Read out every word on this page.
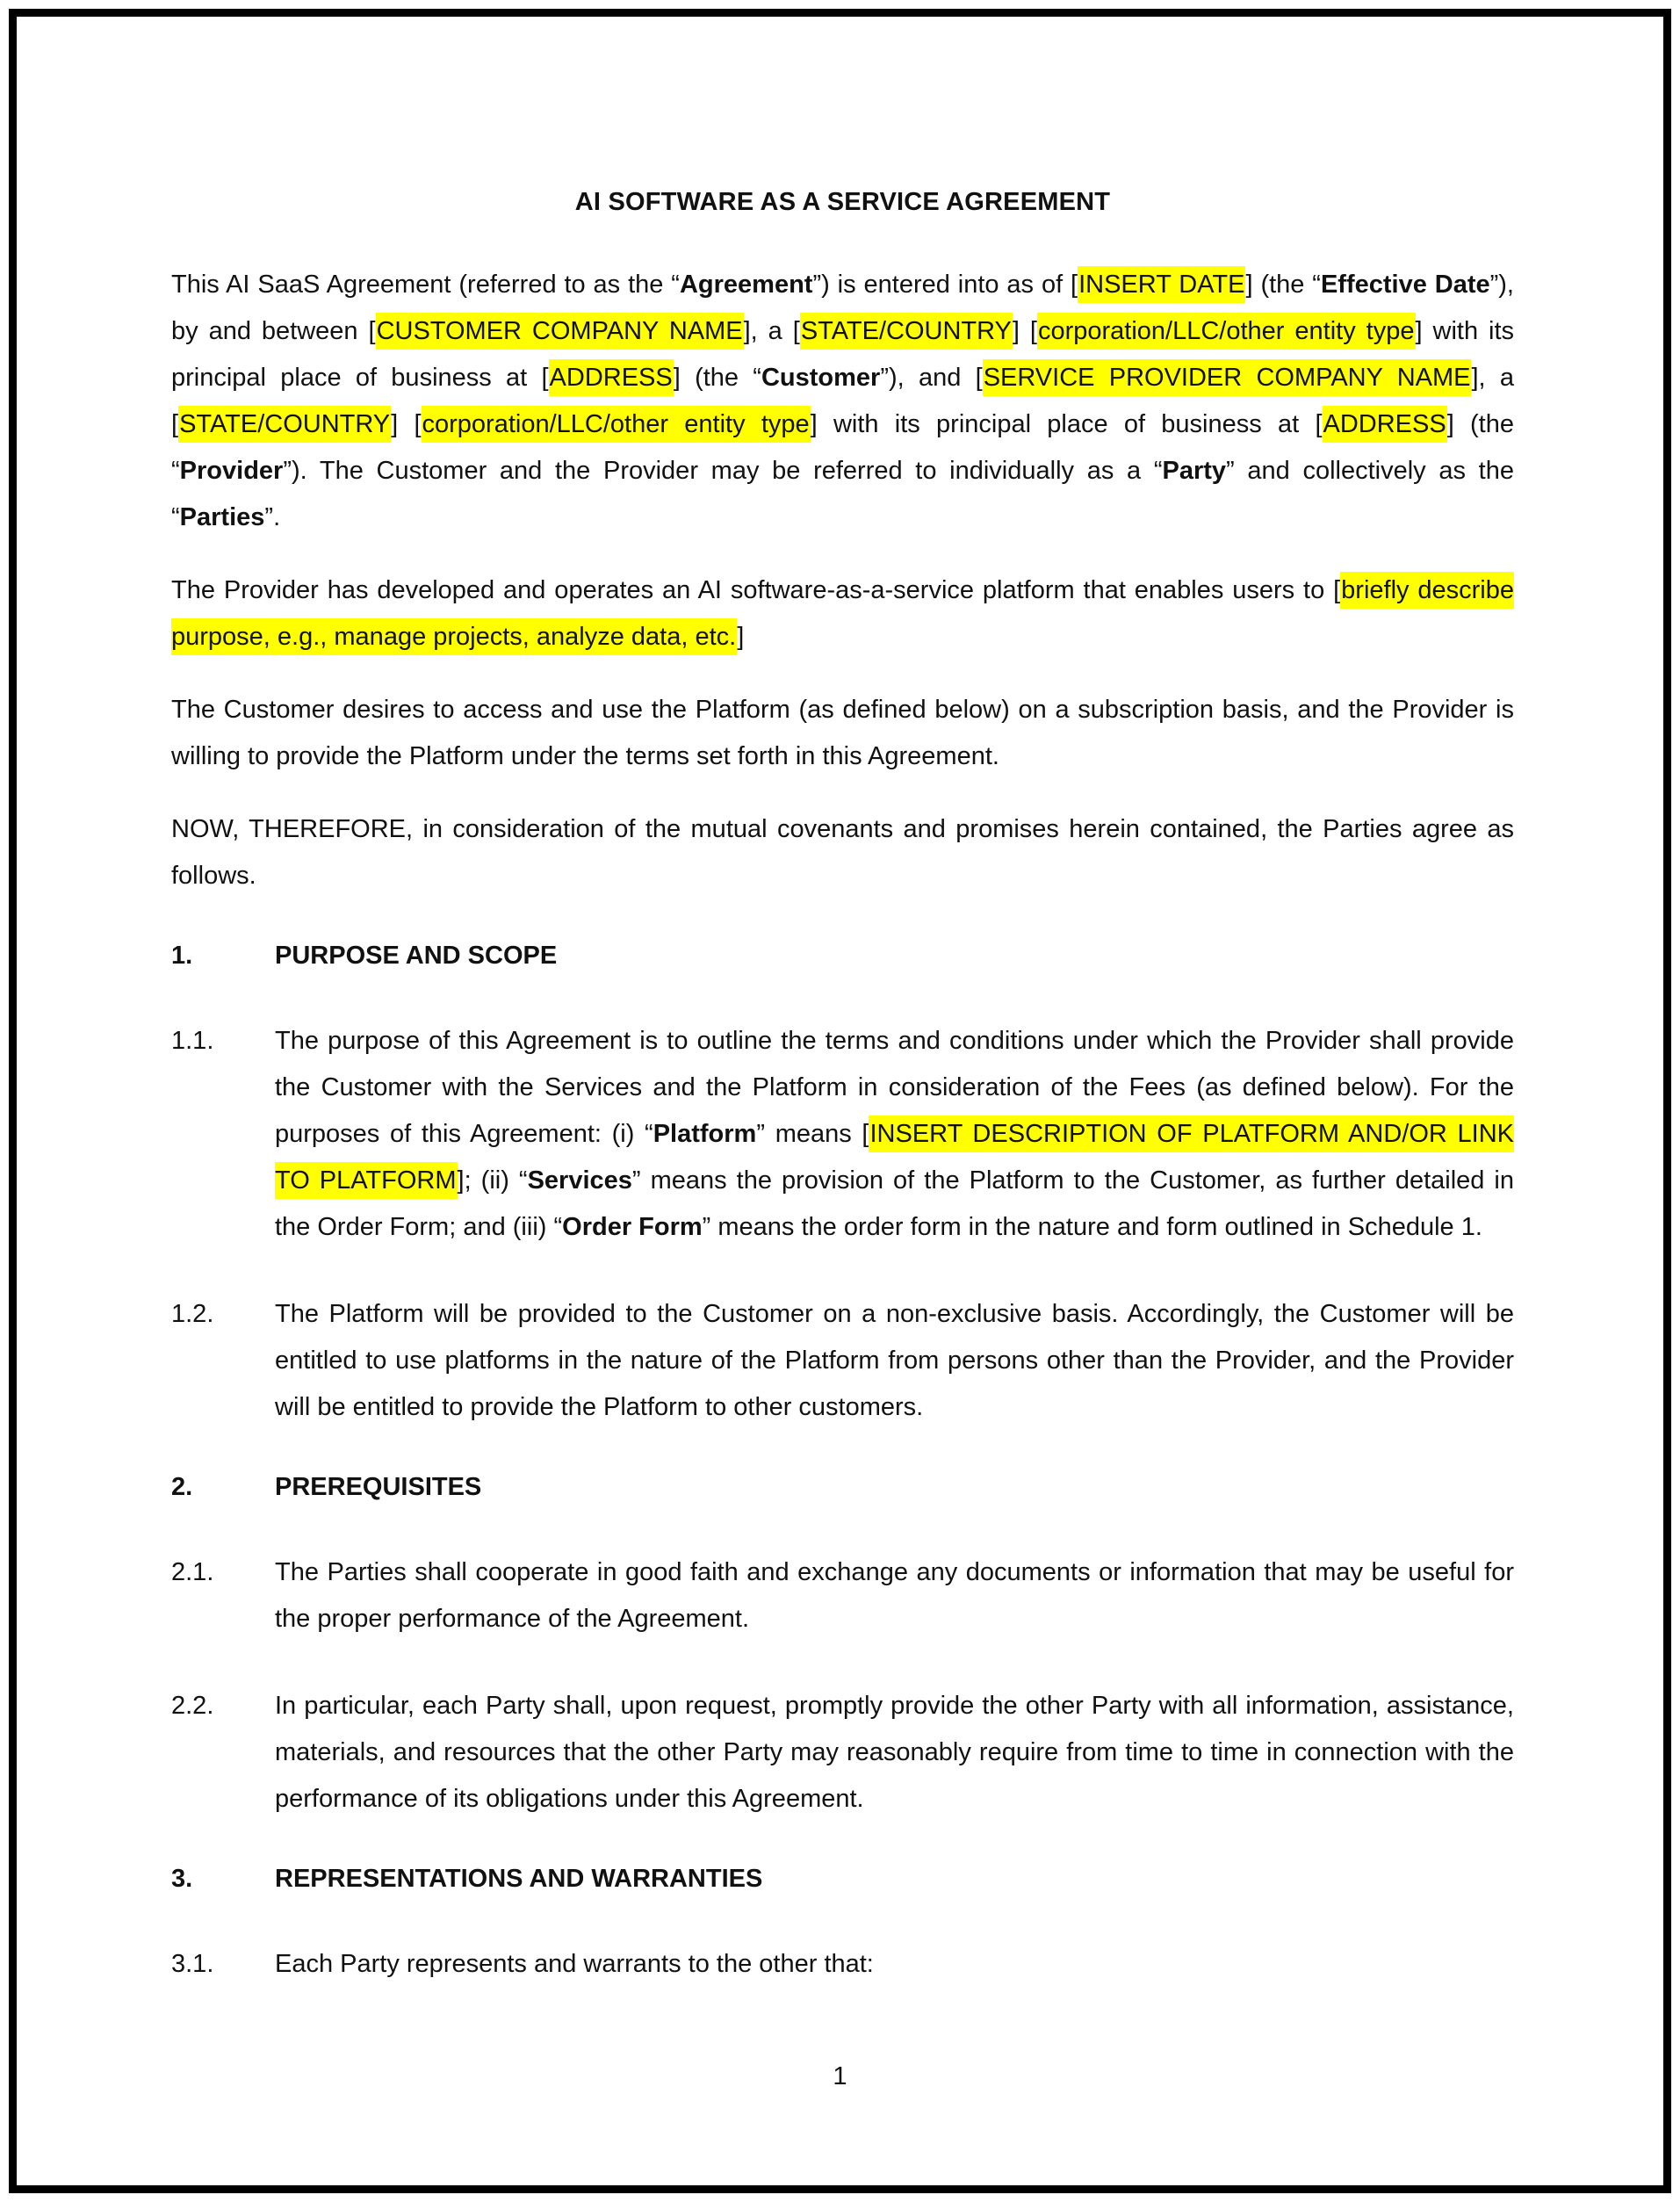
AI SOFTWARE AS A SERVICE AGREEMENT
This AI SaaS Agreement (referred to as the “Agreement”) is entered into as of [INSERT DATE] (the “Effective Date”), by and between [CUSTOMER COMPANY NAME], a [STATE/COUNTRY] [corporation/LLC/other entity type] with its principal place of business at [ADDRESS] (the “Customer”), and [SERVICE PROVIDER COMPANY NAME], a [STATE/COUNTRY] [corporation/LLC/other entity type] with its principal place of business at [ADDRESS] (the “Provider”). The Customer and the Provider may be referred to individually as a “Party” and collectively as the “Parties”.
The Provider has developed and operates an AI software-as-a-service platform that enables users to [briefly describe purpose, e.g., manage projects, analyze data, etc.]
The Customer desires to access and use the Platform (as defined below) on a subscription basis, and the Provider is willing to provide the Platform under the terms set forth in this Agreement.
NOW, THEREFORE, in consideration of the mutual covenants and promises herein contained, the Parties agree as follows.
1.	PURPOSE AND SCOPE
1.1. The purpose of this Agreement is to outline the terms and conditions under which the Provider shall provide the Customer with the Services and the Platform in consideration of the Fees (as defined below). For the purposes of this Agreement: (i) “Platform” means [INSERT DESCRIPTION OF PLATFORM AND/OR LINK TO PLATFORM]; (ii) “Services” means the provision of the Platform to the Customer, as further detailed in the Order Form; and (iii) “Order Form” means the order form in the nature and form outlined in Schedule 1.
1.2. The Platform will be provided to the Customer on a non-exclusive basis. Accordingly, the Customer will be entitled to use platforms in the nature of the Platform from persons other than the Provider, and the Provider will be entitled to provide the Platform to other customers.
2.	PREREQUISITES
2.1. The Parties shall cooperate in good faith and exchange any documents or information that may be useful for the proper performance of the Agreement.
2.2. In particular, each Party shall, upon request, promptly provide the other Party with all information, assistance, materials, and resources that the other Party may reasonably require from time to time in connection with the performance of its obligations under this Agreement.
3.	REPRESENTATIONS AND WARRANTIES
3.1. Each Party represents and warrants to the other that:
1
